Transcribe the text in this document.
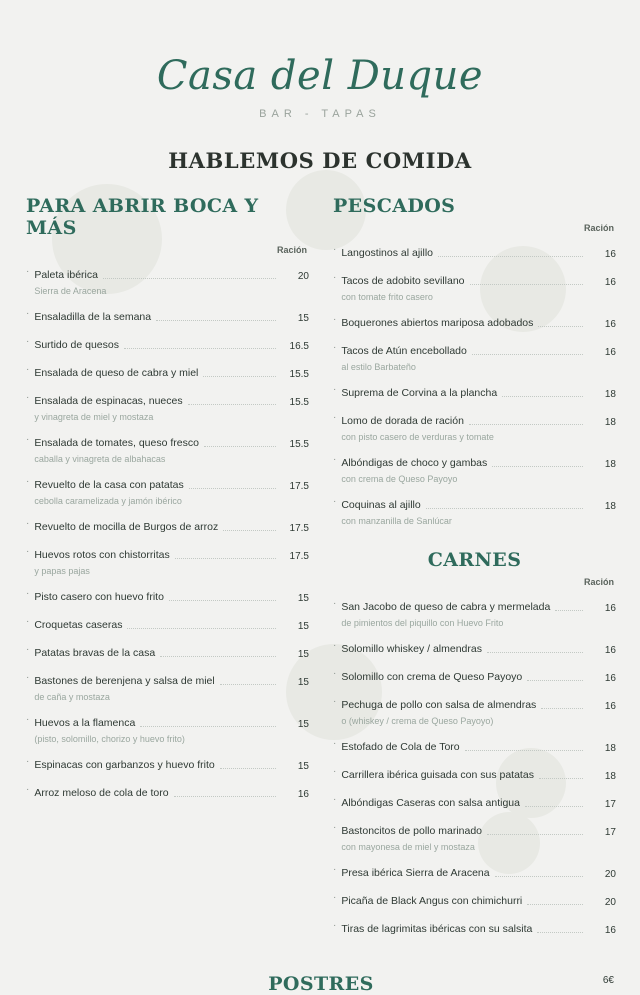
Casa del Duque
BAR - TAPAS
HABLEMOS DE COMIDA
PARA ABRIR BOCA Y MÁS
Ración
· Paleta ibérica	20
Sierra de Aracena
· Ensaladilla de la semana	15
· Surtido de quesos	16.5
· Ensalada de queso de cabra y miel	15.5
· Ensalada de espinacas, nueces	15.5
y vinagreta de miel y mostaza
· Ensalada de tomates, queso fresco	15.5
caballa y vinagreta de albahacas
· Revuelto de la casa con patatas	17.5
cebolla caramelizada y jamón ibérico
· Revuelto de mocilla de Burgos de arroz	17.5
· Huevos rotos con chistorritas	17.5
y papas pajas
· Pisto casero con huevo frito	15
· Croquetas caseras	15
· Patatas bravas de la casa	15
· Bastones de berenjena y salsa de miel	15
de caña y mostaza
· Huevos a la flamenca	15
(pisto, solomillo, chorizo y huevo frito)
· Espinacas con garbanzos y huevo frito	15
· Arroz meloso de cola de toro	16
PESCADOS
Ración
· Langostinos al ajillo	16
· Tacos de adobito sevillano	16
con tomate frito casero
· Boquerones abiertos mariposa adobados	16
· Tacos de Atún encebollado	16
al estilo Barbateño
· Suprema de Corvina a la plancha	18
· Lomo de dorada de ración	18
con pisto casero de verduras y tomate
· Albóndigas de choco y gambas	18
con crema de Queso Payoyo
· Coquinas al ajillo	18
con manzanilla de Sanlúcar
CARNES
Ración
· San Jacobo de queso de cabra y mermelada	16
de pimientos del piquillo con Huevo Frito
· Solomillo whiskey / almendras	16
· Solomillo con crema de Queso Payoyo	16
· Pechuga de pollo con salsa de almendras	16
o (whiskey / crema de Queso Payoyo)
· Estofado de Cola de Toro	18
· Carrillera ibérica guisada con sus patatas	18
· Albóndigas Caseras con salsa antigua	17
· Bastoncitos de pollo marinado	17
con mayonesa de miel y mostaza
· Presa ibérica Sierra de Aracena	20
· Picaña de Black Angus con chimichurri	20
· Tiras de lagrimitas ibéricas con su salsita	16
POSTRES	6€
